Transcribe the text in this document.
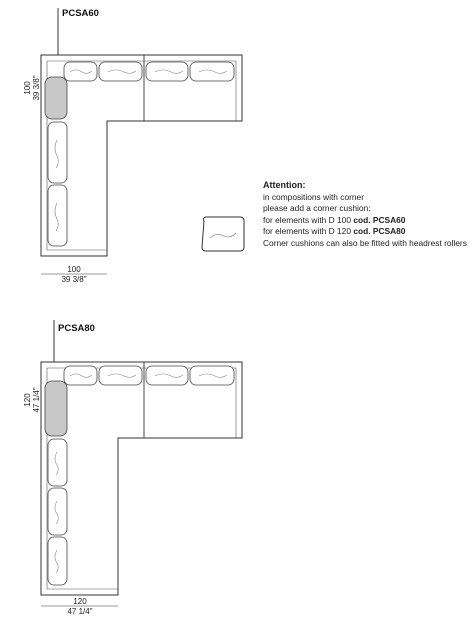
PCSA60
100 39 3/8"
100
39 3/8"
PCSA80
120 47 1/4"
120
47 1/4"
Attention:
in compositions with corner
please add a corner cushion:
for elements with D 100 cod. PCSA60
for elements with D 120 cod. PCSA80
Corner cushions can also be fitted with headrest rollers
